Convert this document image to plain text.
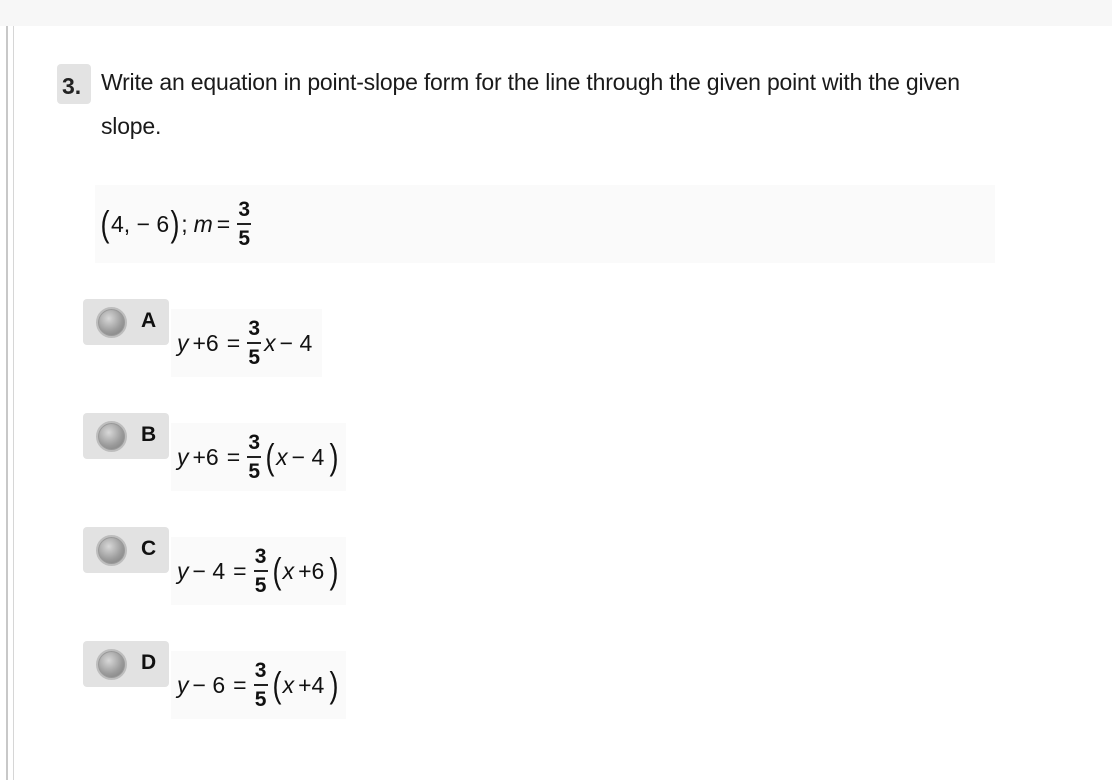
3. Write an equation in point-slope form for the line through the given point with the given slope.
( 4, − 6 ) ; $m = \frac{3}{5}$
A
$y +6 = \frac{3}{5}$ x − 4
B
$y +6 = \frac{3}{5}$ ( x − 4 )
C
$y - 4 = \frac{3}{5}$ ( x +6 )
D
$y - 6 = \frac{3}{5}$ ( x +4 )
